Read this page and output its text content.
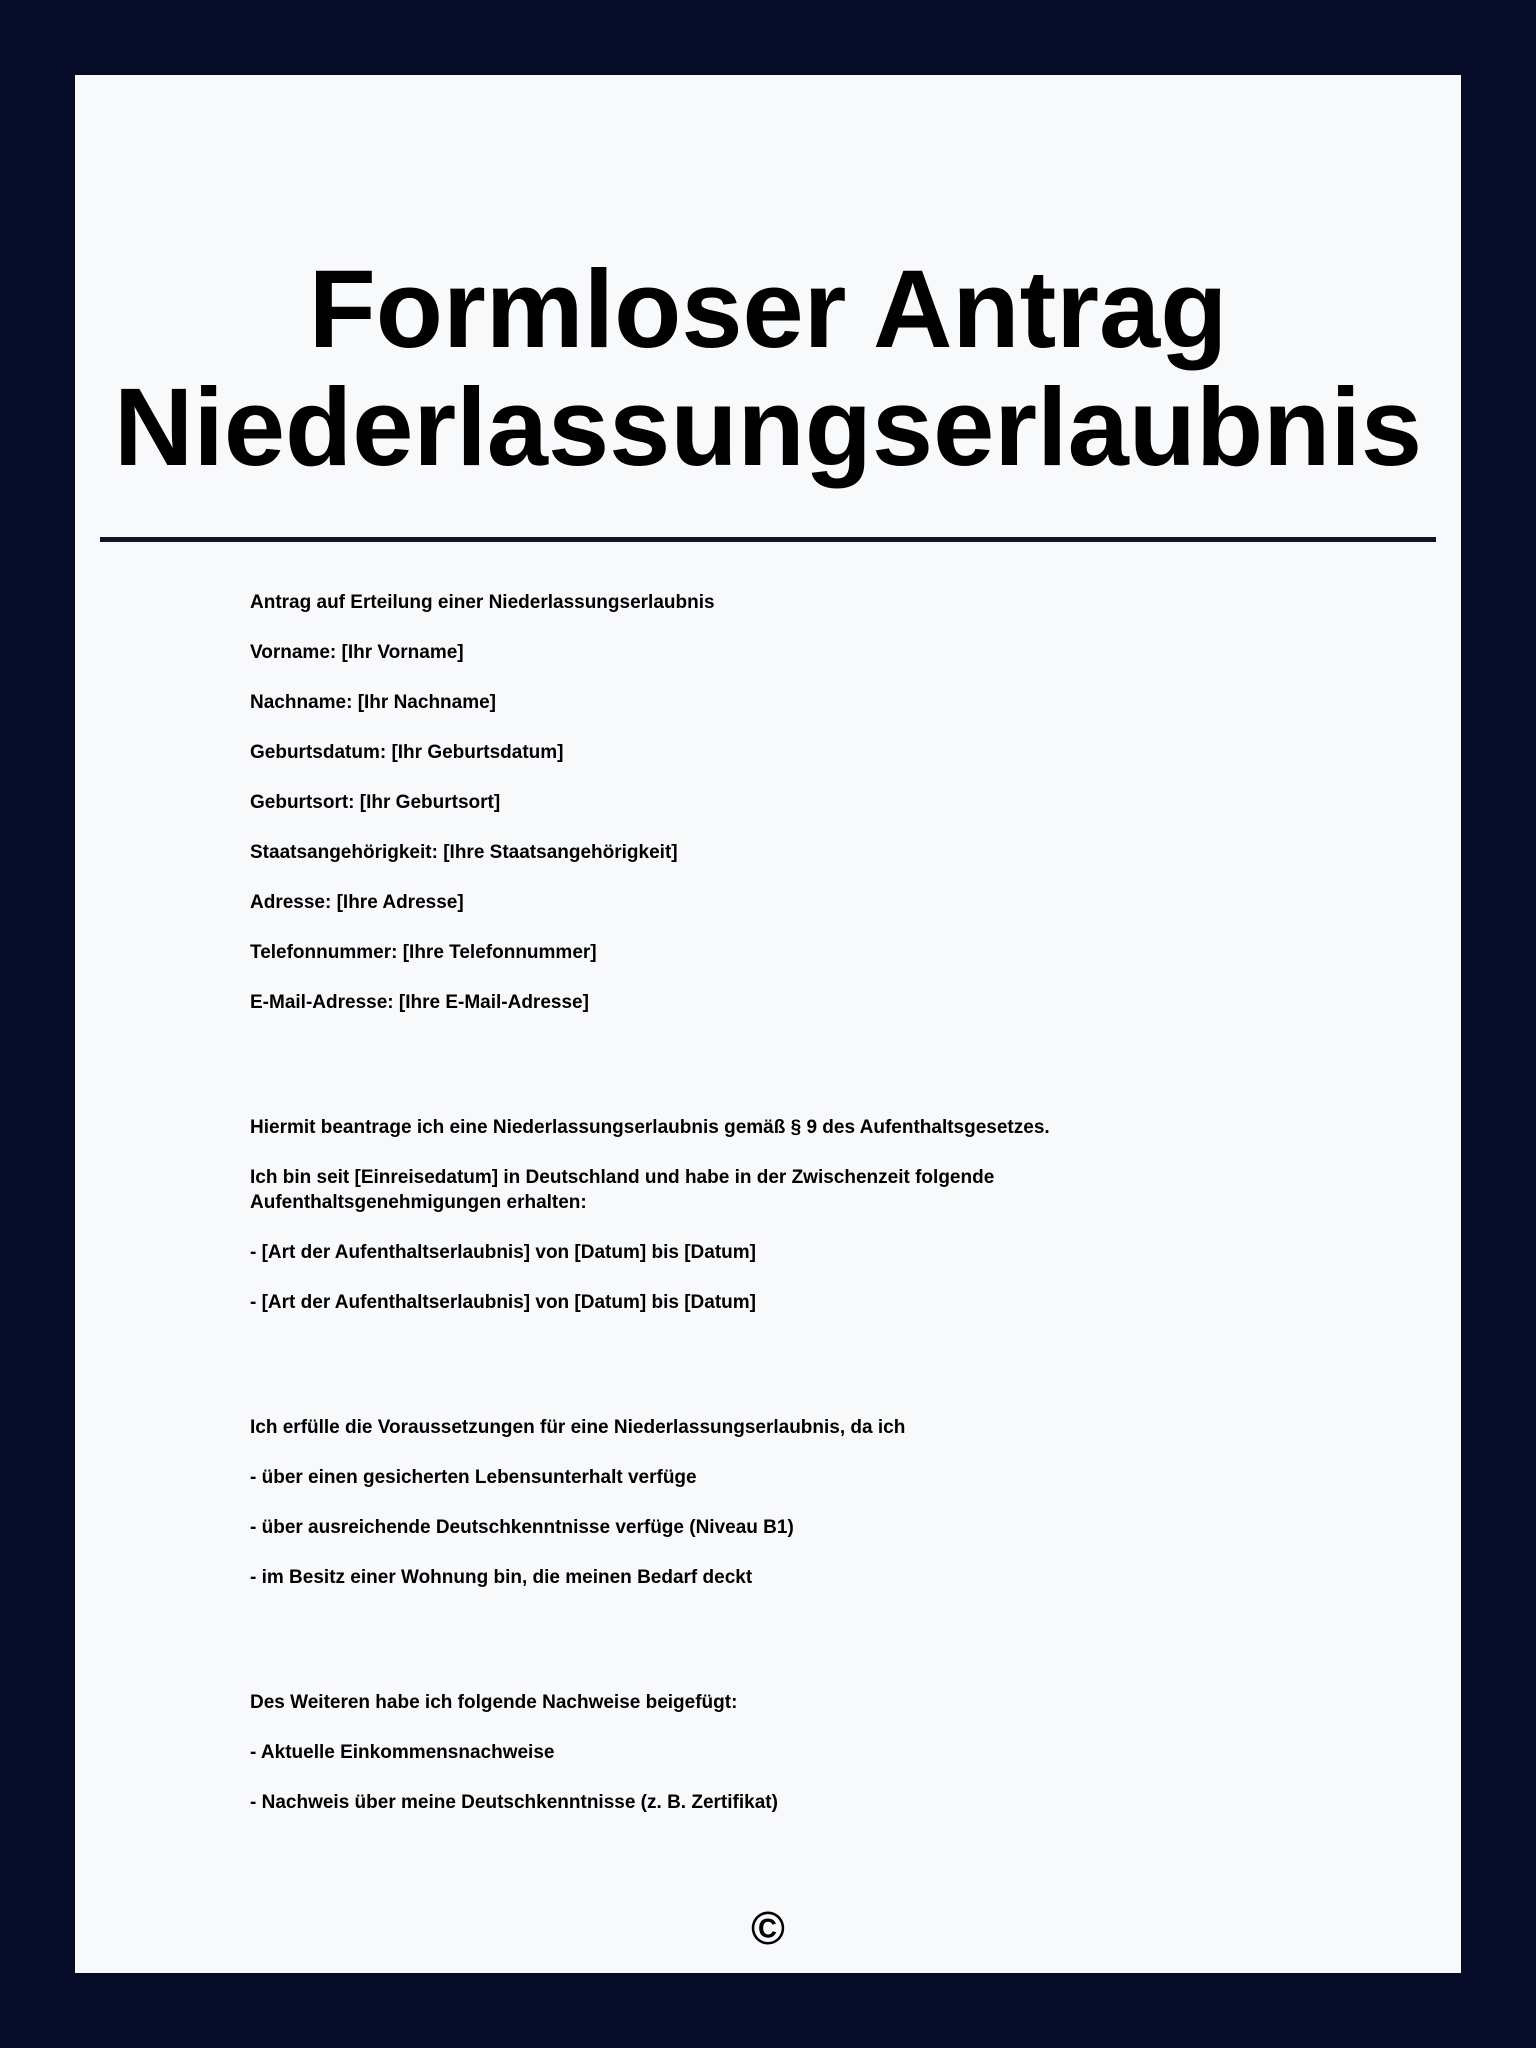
Formloser Antrag
Niederlassungserlaubnis
Antrag auf Erteilung einer Niederlassungserlaubnis
Vorname: [Ihr Vorname]
Nachname: [Ihr Nachname]
Geburtsdatum: [Ihr Geburtsdatum]
Geburtsort: [Ihr Geburtsort]
Staatsangehörigkeit: [Ihre Staatsangehörigkeit]
Adresse: [Ihre Adresse]
Telefonnummer: [Ihre Telefonnummer]
E-Mail-Adresse: [Ihre E-Mail-Adresse]
Hiermit beantrage ich eine Niederlassungserlaubnis gemäß § 9 des Aufenthaltsgesetzes.
Ich bin seit [Einreisedatum] in Deutschland und habe in der Zwischenzeit folgende Aufenthaltsgenehmigungen erhalten:
- [Art der Aufenthaltserlaubnis] von [Datum] bis [Datum]
- [Art der Aufenthaltserlaubnis] von [Datum] bis [Datum]
Ich erfülle die Voraussetzungen für eine Niederlassungserlaubnis, da ich
- über einen gesicherten Lebensunterhalt verfüge
- über ausreichende Deutschkenntnisse verfüge (Niveau B1)
- im Besitz einer Wohnung bin, die meinen Bedarf deckt
Des Weiteren habe ich folgende Nachweise beigefügt:
- Aktuelle Einkommensnachweise
- Nachweis über meine Deutschkenntnisse (z. B. Zertifikat)
©
